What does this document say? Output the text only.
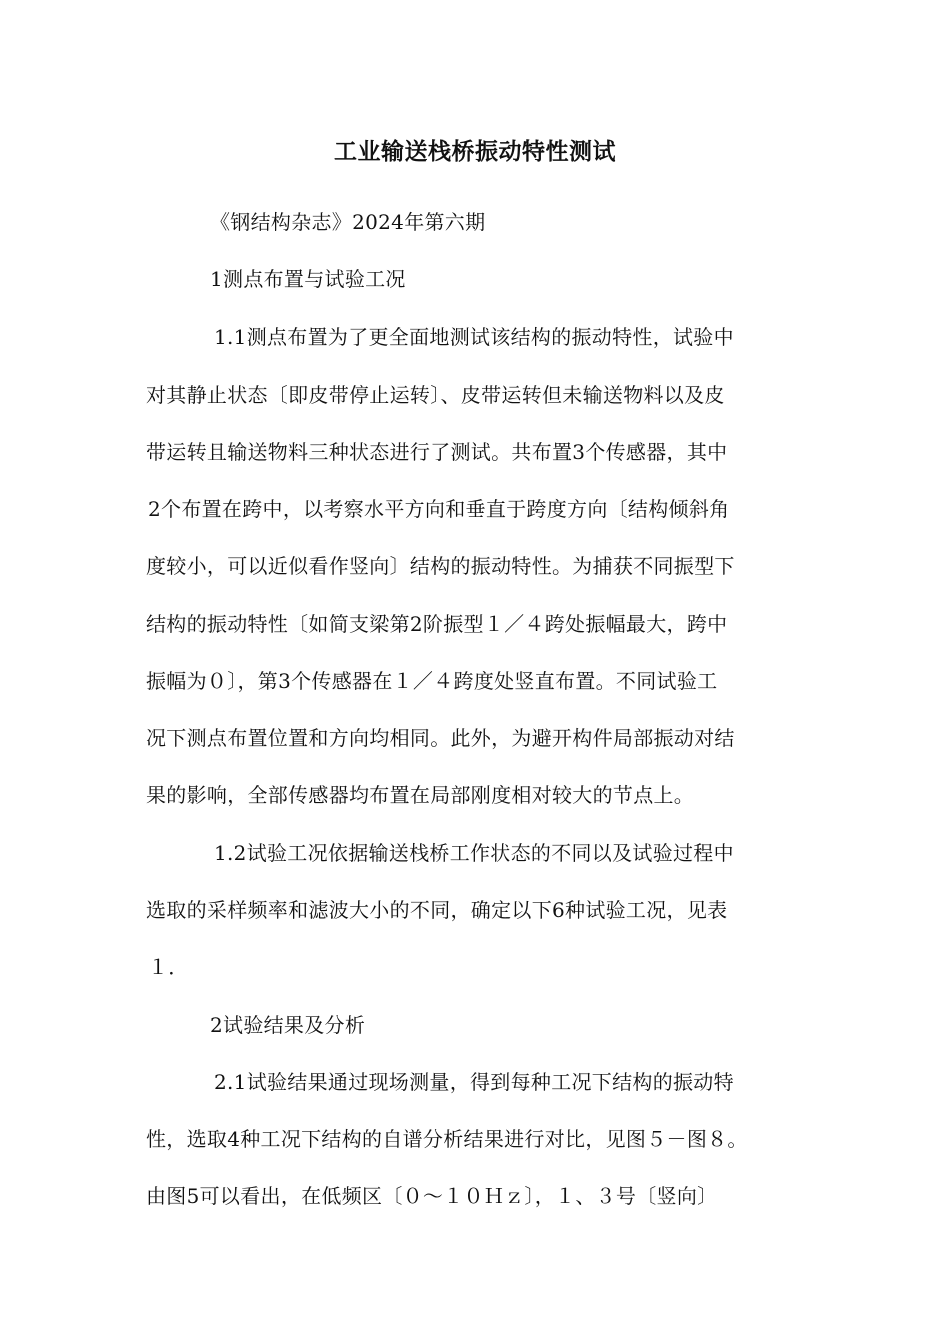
工业输送栈桥振动特性测试
《钢结构杂志》2024年第六期
1测点布置与试验工况
1.1测点布置为了更全面地测试该结构的振动特性，试验中
对其静止状态〔即皮带停止运转〕、皮带运转但未输送物料以及皮
带运转且输送物料三种状态进行了测试。共布置3个传感器，其中
2个布置在跨中，以考察水平方向和垂直于跨度方向〔结构倾斜角
度较小，可以近似看作竖向〕结构的振动特性。为捕获不同振型下
结构的振动特性〔如简支梁第2阶振型１／４跨处振幅最大，跨中
振幅为０〕，第3个传感器在１／４跨度处竖直布置。不同试验工
况下测点布置位置和方向均相同。此外，为避开构件局部振动对结
果的影响，全部传感器均布置在局部刚度相对较大的节点上。
1.2试验工况依据输送栈桥工作状态的不同以及试验过程中
选取的采样频率和滤波大小的不同，确定以下6种试验工况，见表
１．
2试验结果及分析
2.1试验结果通过现场测量，得到每种工况下结构的振动特
性，选取4种工况下结构的自谱分析结果进行对比，见图５－图８。
由图5可以看出，在低频区〔０～１０Ｈｚ〕，１、３号〔竖向〕
